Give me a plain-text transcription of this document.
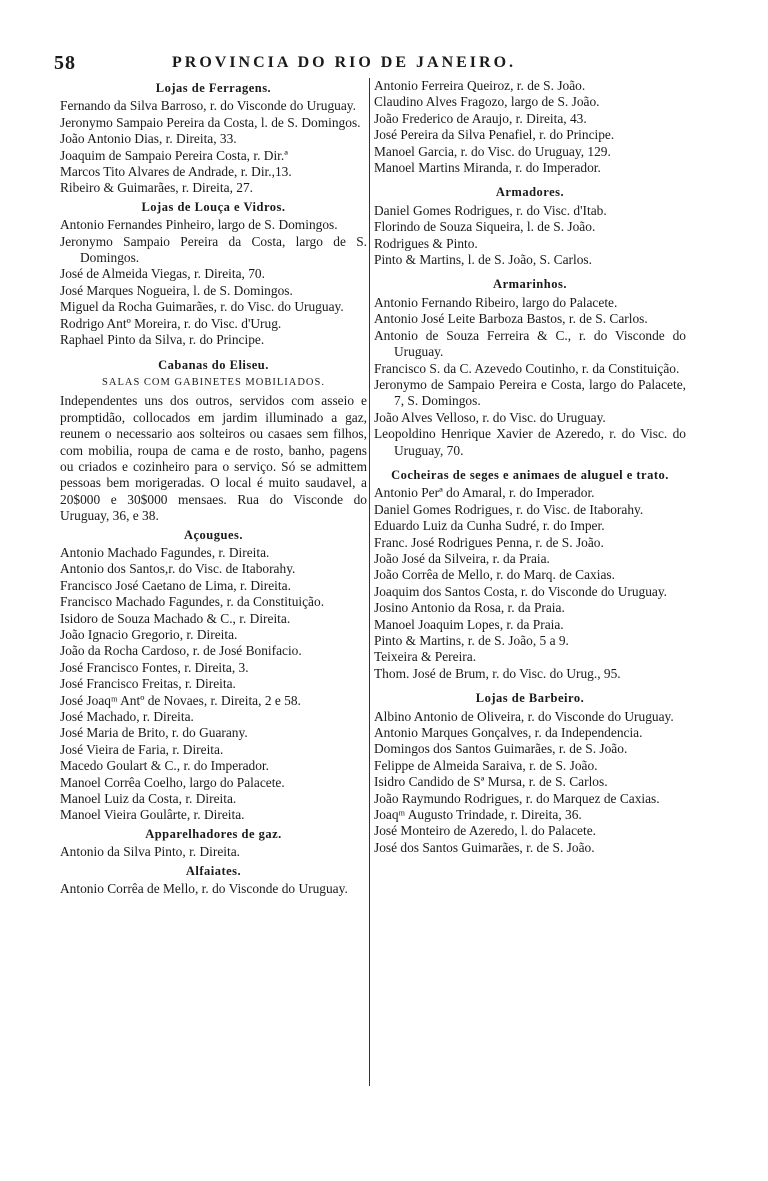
58	PROVINCIA DO RIO DE JANEIRO.
Lojas de Ferragens.

Fernando da Silva Barroso, r. do Visconde do Uruguay.

Jeronymo Sampaio Pereira da Costa, l. de S. Domingos.

João Antonio Dias, r. Direita, 33.

Joaquim de Sampaio Pereira Costa, r. Dir.ª

Marcos Tito Alvares de Andrade, r. Dir.,13.

Ribeiro & Guimarães, r. Direita, 27.

Lojas de Louça e Vidros.

Antonio Fernandes Pinheiro, largo de S. Domingos.

Jeronymo Sampaio Pereira da Costa, largo de S. Domingos.

José de Almeida Viegas, r. Direita, 70.

José Marques Nogueira, l. de S. Domingos.

Miguel da Rocha Guimarães, r. do Visc. do Uruguay.

Rodrigo Antº Moreira, r. do Visc. d'Urug.

Raphael Pinto da Silva, r. do Principe.

Cabanas do Eliseu.
SALAS COM GABINETES MOBILIADOS.

Independentes uns dos outros, servidos com asseio e promptidão, collocados em jardim illuminado a gaz, reunem o necessario aos solteiros ou casaes sem filhos, com mobilia, roupa de cama e de rosto, banho, pagens ou criados e cozinheiro para o serviço. Só se admittem pessoas bem morigeradas. O local é muito saudavel, a 20$000 e 30$000 mensaes. Rua do Visconde do Uruguay, 36, e 38.

Açougues.

Antonio Machado Fagundes, r. Direita.

Antonio dos Santos,r. do Visc. de Itaborahy.

Francisco José Caetano de Lima, r. Direita.

Francisco Machado Fagundes, r. da Constituição.

Isidoro de Souza Machado & C., r. Direita.

João Ignacio Gregorio, r. Direita.

João da Rocha Cardoso, r. de José Bonifacio.

José Francisco Fontes, r. Direita, 3.

José Francisco Freitas, r. Direita.

José Joaqᵐ Antº de Novaes, r. Direita, 2 e 58.

José Machado, r. Direita.

José Maria de Brito, r. do Guarany.

José Vieira de Faria, r. Direita.

Macedo Goulart & C., r. do Imperador.

Manoel Corrêa Coelho, largo do Palacete.

Manoel Luiz da Costa, r. Direita.

Manoel Vieira Goulârte, r. Direita.

Apparelhadores de gaz.

Antonio da Silva Pinto, r. Direita.

Alfaiates.

Antonio Corrêa de Mello, r. do Visconde do Uruguay.

Antonio Ferreira Queiroz, r. de S. João.

Claudino Alves Fragozo, largo de S. João.

João Frederico de Araujo, r. Direita, 43.

José Pereira da Silva Penafiel, r. do Principe.

Manoel Garcia, r. do Visc. do Uruguay, 129.

Manoel Martins Miranda, r. do Imperador.

Armadores.

Daniel Gomes Rodrigues, r. do Visc. d'Itab.

Florindo de Souza Siqueira, l. de S. João.

Rodrigues & Pinto.

Pinto & Martins, l. de S. João, S. Carlos.

Armarinhos.

Antonio Fernando Ribeiro, largo do Palacete.

Antonio José Leite Barboza Bastos, r. de S. Carlos.

Antonio de Souza Ferreira & C., r. do Visconde do Uruguay.

Francisco S. da C. Azevedo Coutinho, r. da Constituição.

Jeronymo de Sampaio Pereira e Costa, largo do Palacete, 7, S. Domingos.

João Alves Velloso, r. do Visc. do Uruguay.

Leopoldino Henrique Xavier de Azeredo, r. do Visc. do Uruguay, 70.

Cocheiras de seges e animaes de aluguel e trato.

Antonio Perª do Amaral, r. do Imperador.

Daniel Gomes Rodrigues, r. do Visc. de Itaborahy.

Eduardo Luiz da Cunha Sudré, r. do Imper.

Franc. José Rodrigues Penna, r. de S. João.

João José da Silveira, r. da Praia.

João Corrêa de Mello, r. do Marq. de Caxias.

Joaquim dos Santos Costa, r. do Visconde do Uruguay.

Josino Antonio da Rosa, r. da Praia.

Manoel Joaquim Lopes, r. da Praia.

Pinto & Martins, r. de S. João, 5 a 9.

Teixeira & Pereira.

Thom. José de Brum, r. do Visc. do Urug., 95.

Lojas de Barbeiro.

Albino Antonio de Oliveira, r. do Visconde do Uruguay.

Antonio Marques Gonçalves, r. da Independencia.

Domingos dos Santos Guimarães, r. de S. João.

Felippe de Almeida Saraiva, r. de S. João.

Isidro Candido de Sª Mursa, r. de S. Carlos.

João Raymundo Rodrigues, r. do Marquez de Caxias.

Joaqᵐ Augusto Trindade, r. Direita, 36.

José Monteiro de Azeredo, l. do Palacete.

José dos Santos Guimarães, r. de S. João.
